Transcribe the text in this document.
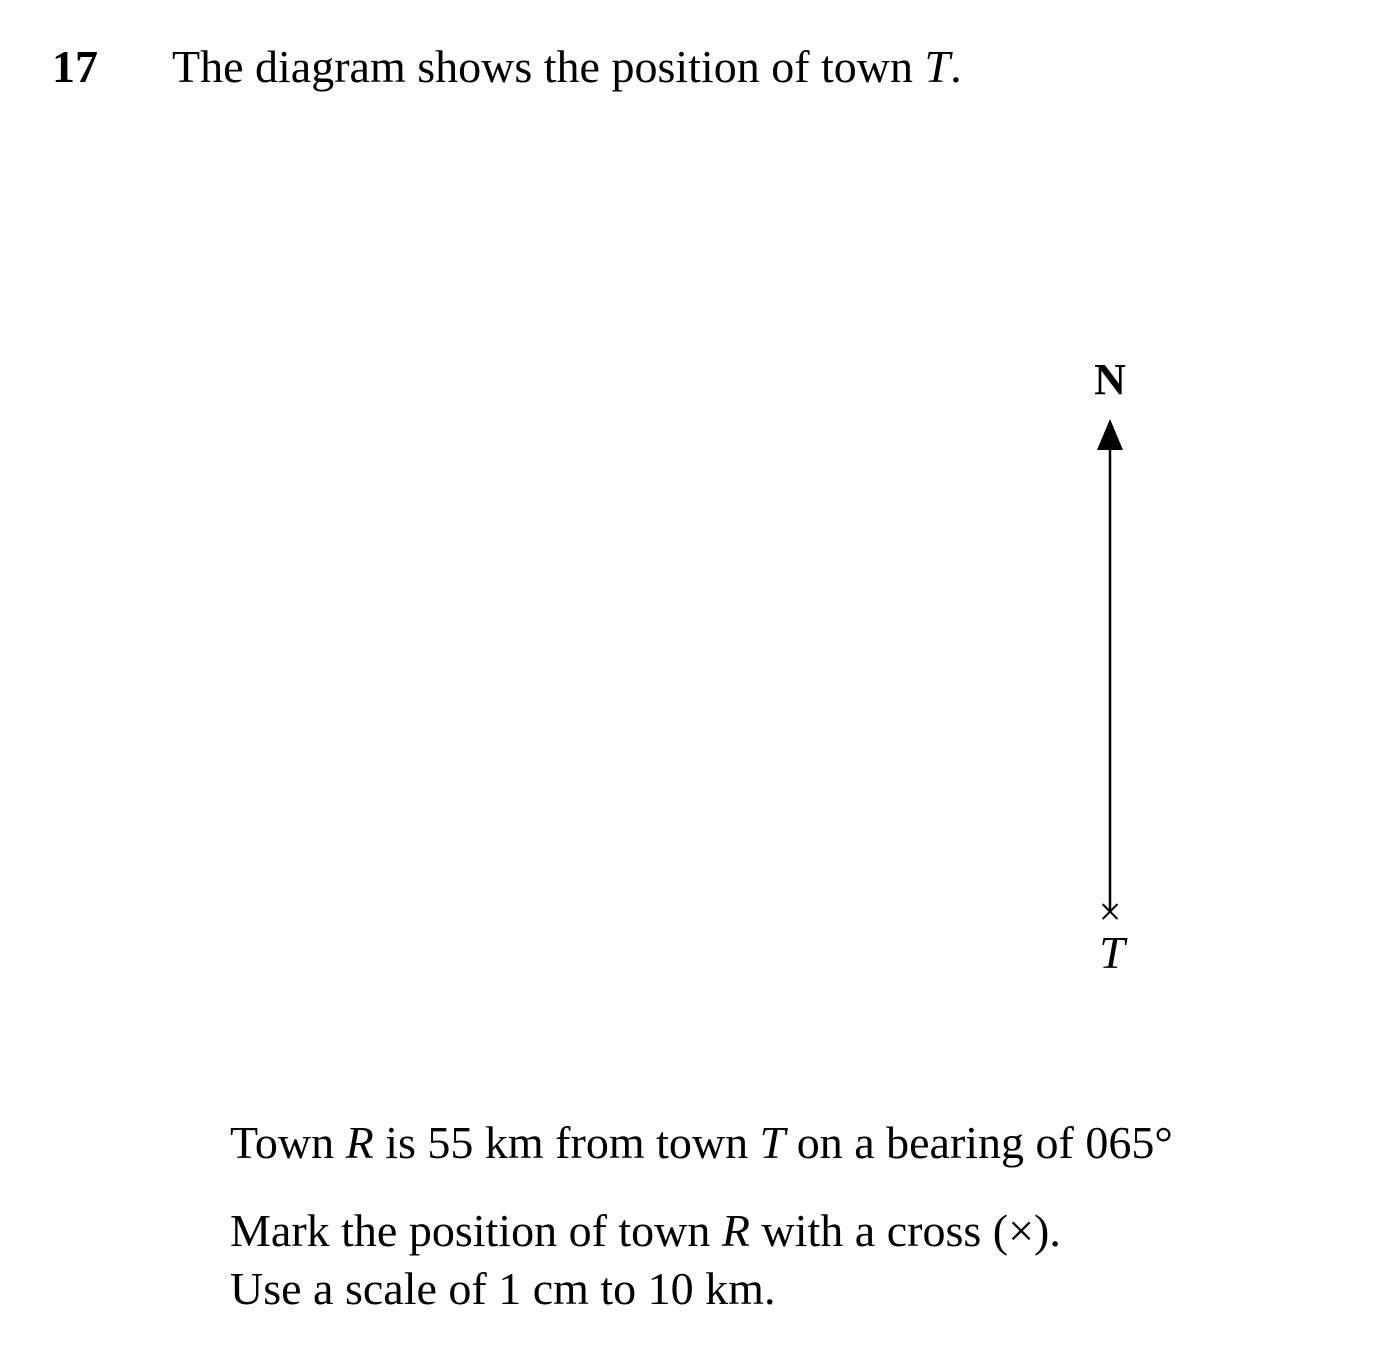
17 The diagram shows the position of town T.
N
×
T
Town R is 55 km from town T on a bearing of 065°
Mark the position of town R with a cross (×).
Use a scale of 1 cm to 10 km.
